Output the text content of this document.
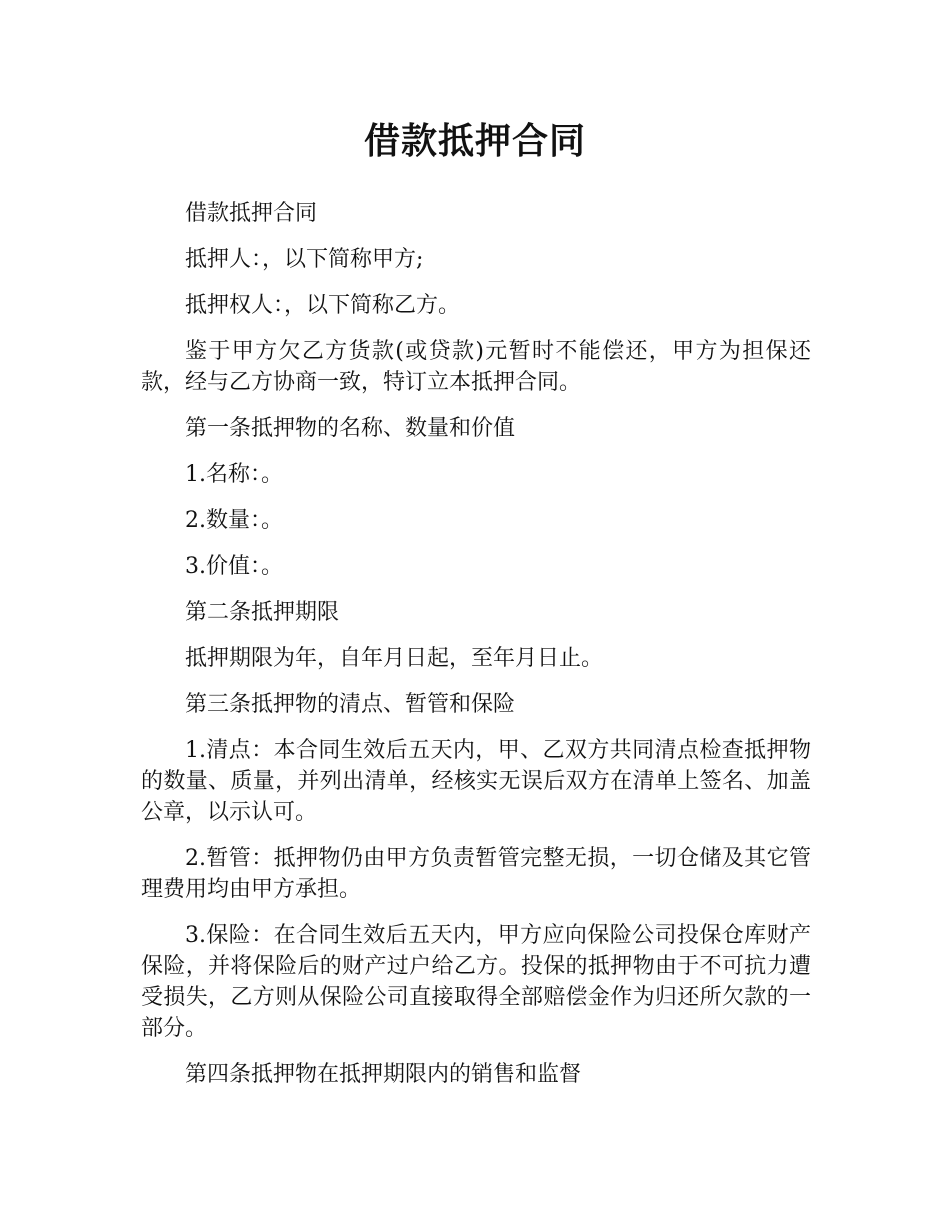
借款抵押合同

借款抵押合同

抵押人：，以下简称甲方;

抵押权人：，以下简称乙方。

鉴于甲方欠乙方货款(或贷款)元暂时不能偿还，甲方为担保还款，经与乙方协商一致，特订立本抵押合同。

第一条抵押物的名称、数量和价值

1.名称：。

2.数量：。

3.价值：。

第二条抵押期限

抵押期限为年，自年月日起，至年月日止。

第三条抵押物的清点、暂管和保险

1.清点：本合同生效后五天内，甲、乙双方共同清点检查抵押物的数量、质量，并列出清单，经核实无误后双方在清单上签名、加盖公章，以示认可。

2.暂管：抵押物仍由甲方负责暂管完整无损，一切仓储及其它管理费用均由甲方承担。

3.保险：在合同生效后五天内，甲方应向保险公司投保仓库财产保险，并将保险后的财产过户给乙方。投保的抵押物由于不可抗力遭受损失，乙方则从保险公司直接取得全部赔偿金作为归还所欠款的一部分。

第四条抵押物在抵押期限内的销售和监督
